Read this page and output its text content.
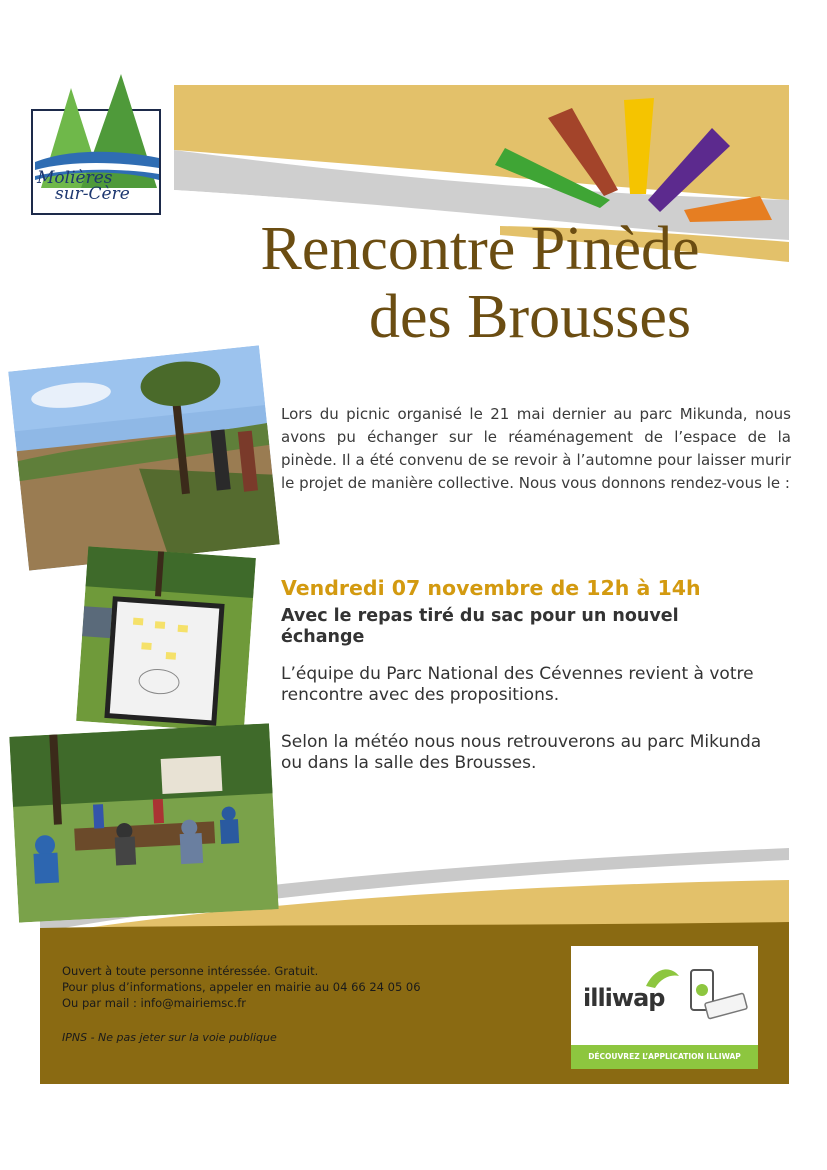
Molières
sur-Cère
Rencontre Pinède
des Brousses
Lors du picnic organisé le 21 mai dernier au parc Mikunda, nous avons pu échanger sur le réaménagement de l’espace de la pinède. Il a été convenu de se revoir à l’automne pour laisser murir le projet de manière collective. Nous vous donnons rendez-vous le :
Vendredi 07 novembre de 12h à 14h
Avec le repas tiré du sac pour un nouvel échange
L’équipe du Parc National des Cévennes revient à votre rencontre avec des propositions.
Selon la météo nous nous retrouverons au parc Mikunda ou dans la salle des Brousses.
Ouvert à toute personne intéressée. Gratuit.
Pour plus d’informations, appeler en mairie au 04 66 24 05 06
Ou par mail : info@mairiemsc.fr
IPNS - Ne pas jeter sur la voie publique
illiwap
DÉCOUVREZ L’APPLICATION ILLIWAP
